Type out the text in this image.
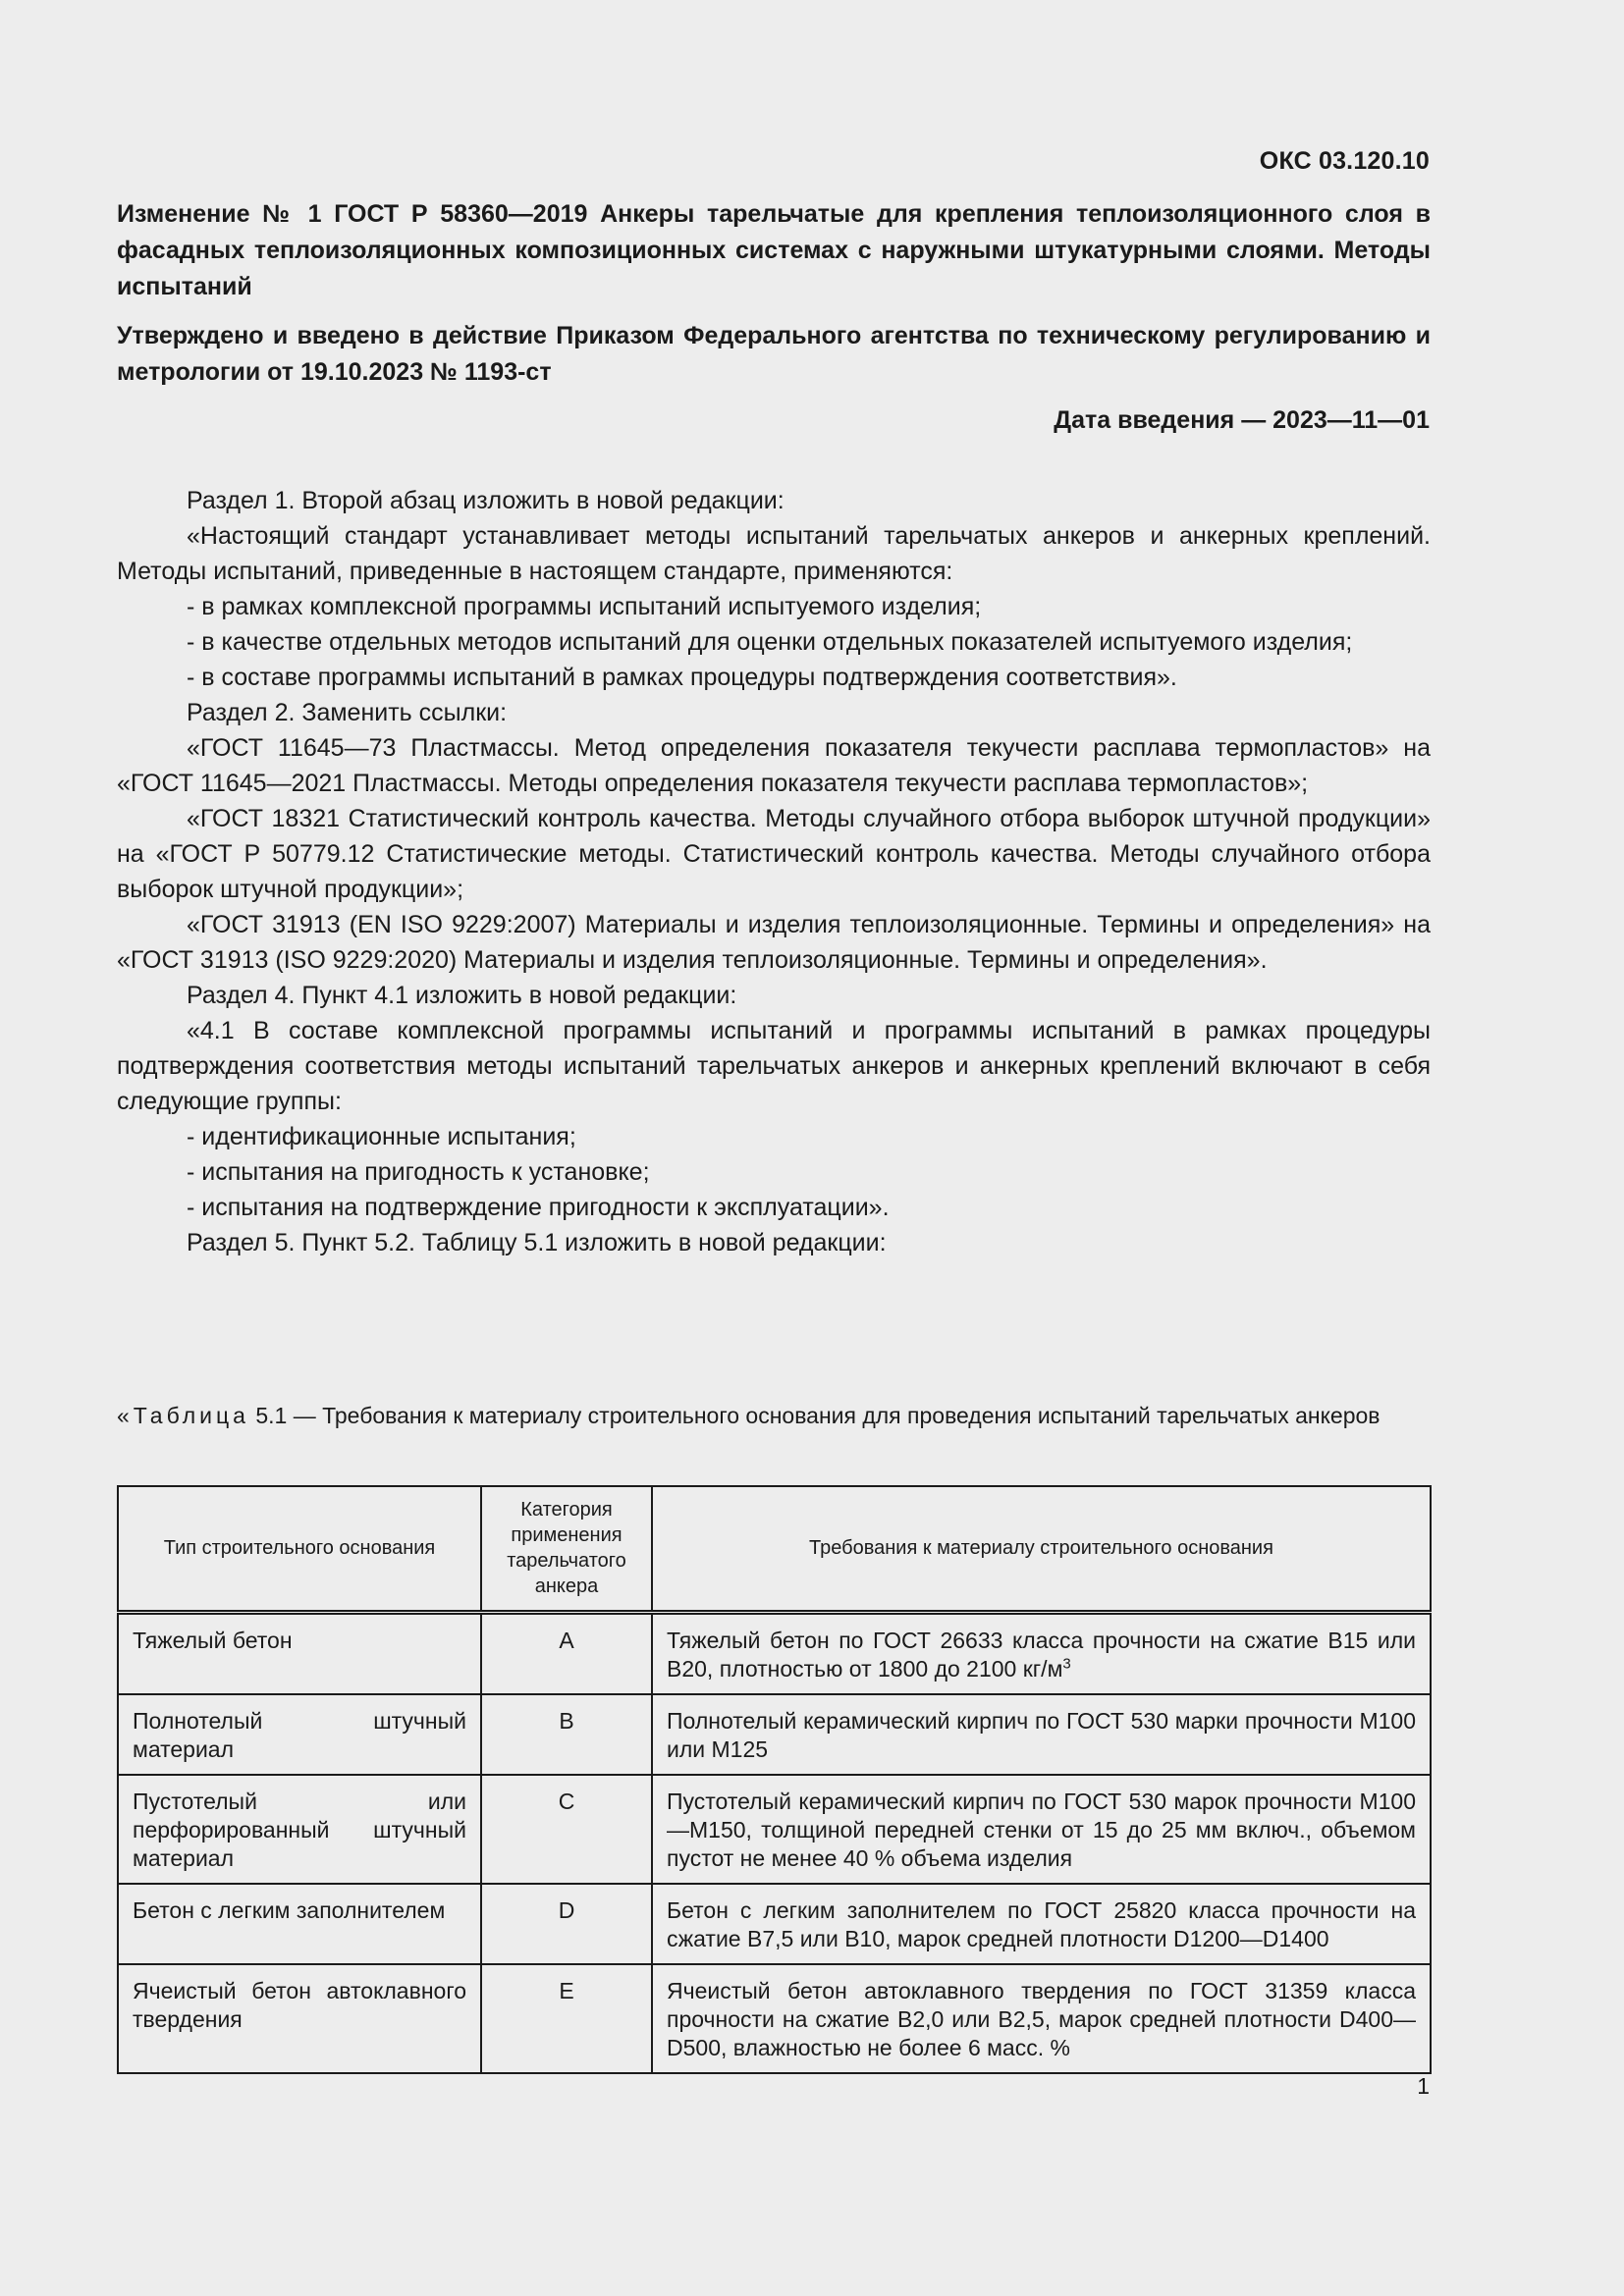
ОКС 03.120.10
Изменение № 1 ГОСТ Р 58360—2019 Анкеры тарельчатые для крепления теплоизоляционного слоя в фасадных теплоизоляционных композиционных системах с наружными штукатурными слоями. Методы испытаний
Утверждено и введено в действие Приказом Федерального агентства по техническому регулированию и метрологии от 19.10.2023 № 1193-ст
Дата введения — 2023—11—01

Раздел 1. Второй абзац изложить в новой редакции:

«Настоящий стандарт устанавливает методы испытаний тарельчатых анкеров и анкерных креплений. Методы испытаний, приведенные в настоящем стандарте, применяются:

- в рамках комплексной программы испытаний испытуемого изделия;

- в качестве отдельных методов испытаний для оценки отдельных показателей испытуемого изделия;

- в составе программы испытаний в рамках процедуры подтверждения соответствия».

Раздел 2. Заменить ссылки:

«ГОСТ 11645—73 Пластмассы. Метод определения показателя текучести расплава термопластов» на «ГОСТ 11645—2021 Пластмассы. Методы определения показателя текучести расплава термопластов»;

«ГОСТ 18321 Статистический контроль качества. Методы случайного отбора выборок штучной продукции» на «ГОСТ Р 50779.12 Статистические методы. Статистический контроль качества. Методы случайного отбора выборок штучной продукции»;

«ГОСТ 31913 (EN ISO 9229:2007) Материалы и изделия теплоизоляционные. Термины и определения» на «ГОСТ 31913 (ISO 9229:2020) Материалы и изделия теплоизоляционные. Термины и определения».

Раздел 4. Пункт 4.1 изложить в новой редакции:

«4.1 В составе комплексной программы испытаний и программы испытаний в рамках процедуры подтверждения соответствия методы испытаний тарельчатых анкеров и анкерных креплений включают в себя следующие группы:

- идентификационные испытания;

- испытания на пригодность к установке;

- испытания на подтверждение пригодности к эксплуатации».

Раздел 5. Пункт 5.2. Таблицу 5.1 изложить в новой редакции:

«Таблица 5.1 — Требования к материалу строительного основания для проведения испытаний тарельчатых анкеров
Тип строительного основания	Категория применения тарельчатого анкера	Требования к материалу строительного основания
Тяжелый бетон	A	Тяжелый бетон по ГОСТ 26633 класса прочности на сжатие В15 или В20, плотностью от 1800 до 2100 $кг/м^3$
Полнотелый штучный материал	B	Полнотелый керамический кирпич по ГОСТ 530 марки прочности М100 или М125
Пустотелый или перфорированный штучный материал	C	Пустотелый керамический кирпич по ГОСТ 530 марок прочности М100—М150, толщиной передней стенки от 15 до 25 мм включ., объемом пустот не менее 40 % объема изделия
Бетон с легким заполнителем	D	Бетон с легким заполнителем по ГОСТ 25820 класса прочности на сжатие В7,5 или В10, марок средней плотности D1200—D1400
Ячеистый бетон автоклавного твердения	E	Ячеистый бетон автоклавного твердения по ГОСТ 31359 класса прочности на сжатие В2,0 или В2,5, марок средней плотности D400—D500, влажностью не более 6 масс. %
1
